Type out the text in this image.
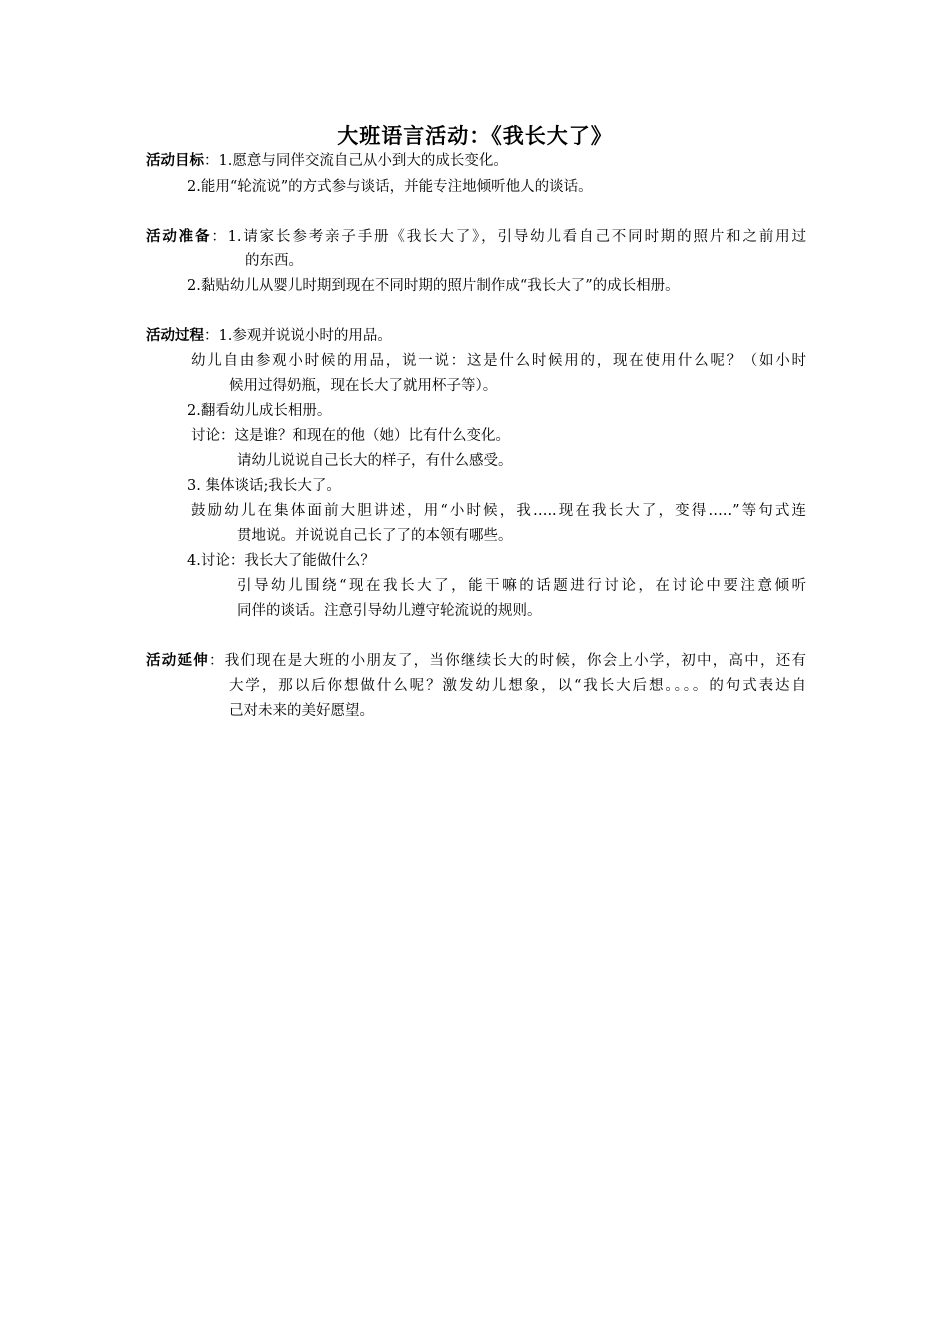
大班语言活动：《我长大了》
活动目标：1.愿意与同伴交流自己从小到大的成长变化。
2.能用“轮流说”的方式参与谈话，并能专注地倾听他人的谈话。
活动准备：1.请家长参考亲子手册《我长大了》，引导幼儿看自己不同时期的照片和之前用过
的东西。
2.黏贴幼儿从婴儿时期到现在不同时期的照片制作成“我长大了”的成长相册。
活动过程：1.参观并说说小时的用品。
幼儿自由参观小时候的用品，说一说：这是什么时候用的，现在使用什么呢？（如小时
候用过得奶瓶，现在长大了就用杯子等）。
2.翻看幼儿成长相册。
讨论：这是谁？和现在的他（她）比有什么变化。
请幼儿说说自己长大的样子，有什么感受。
3. 集体谈话;我长大了。
鼓励幼儿在集体面前大胆讲述，用“小时候，我…..现在我长大了，变得…..”等句式连
贯地说。并说说自己长了了的本领有哪些。
4.讨论：我长大了能做什么？
引导幼儿围绕“现在我长大了，能干嘛的话题进行讨论，在讨论中要注意倾听
同伴的谈话。注意引导幼儿遵守轮流说的规则。
活动延伸：我们现在是大班的小朋友了，当你继续长大的时候，你会上小学，初中，高中，还有
大学，那以后你想做什么呢？激发幼儿想象，以“我长大后想。。。。的句式表达自
己对未来的美好愿望。
